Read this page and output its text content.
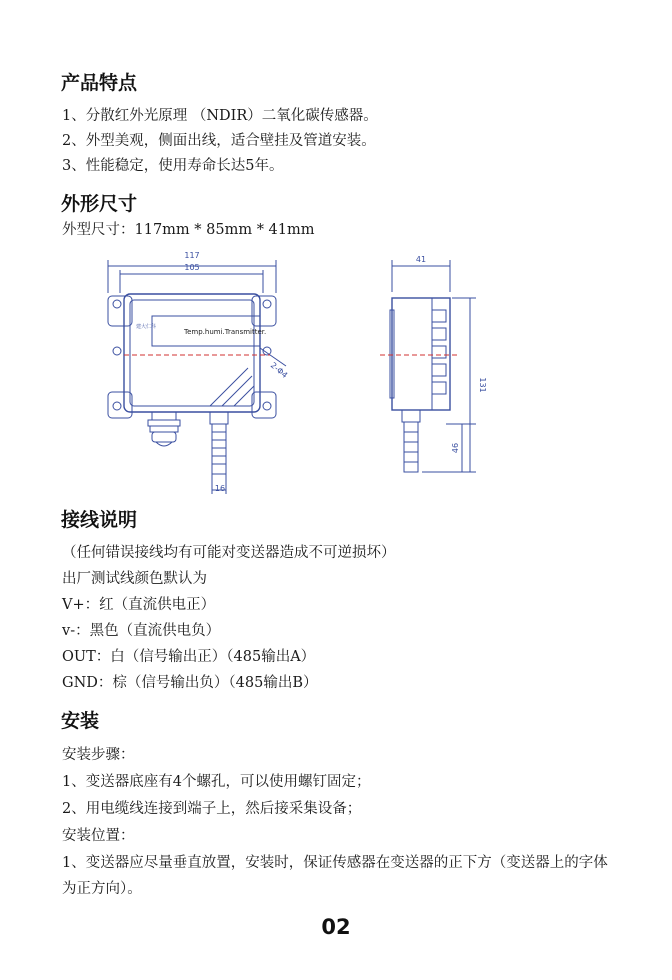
产品特点

1、分散红外光原理 （NDIR）二氧化碳传感器。

2、外型美观，侧面出线，适合壁挂及管道安装。

3、性能稳定，使用寿命长达5年。

外形尺寸

外型尺寸：117mm * 85mm * 41mm

117
105
建大仁科
Temp.humi.Transmitter.
2-Φ4
16
41
131
46
接线说明

（任何错误接线均有可能对变送器造成不可逆损坏）

出厂测试线颜色默认为

V+：红（直流供电正）

v-：黑色（直流供电负）

OUT：白（信号输出正）（485输出A）

GND：棕（信号输出负）（485输出B）

安装

安装步骤：

1、变送器底座有4个螺孔，可以使用螺钉固定；

2、用电缆线连接到端子上，然后接采集设备；

安装位置：

1、变送器应尽量垂直放置，安装时，保证传感器在变送器的正下方（变送器上的字体为正方向）。

02
